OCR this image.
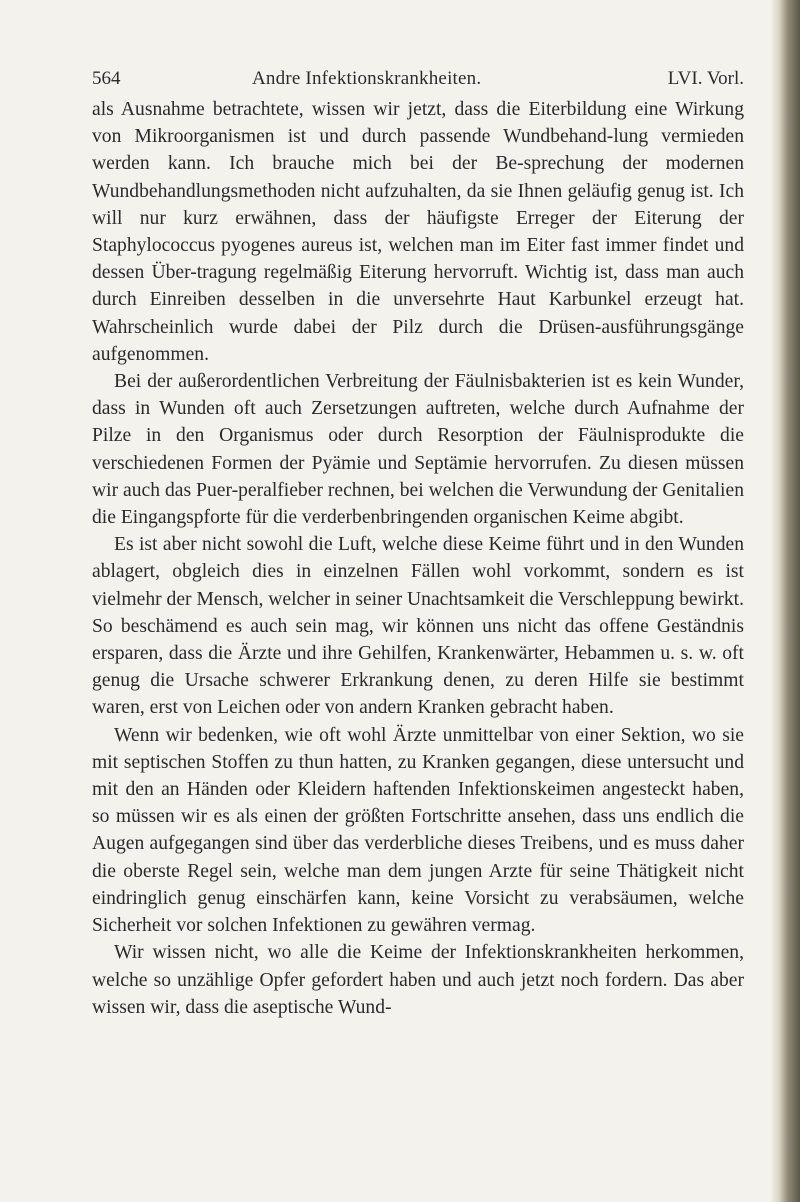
564	Andre Infektionskrankheiten.	LVI. Vorl.

als Ausnahme betrachtete, wissen wir jetzt, dass die Eiterbildung eine Wirkung von Mikroorganismen ist und durch passende Wundbehand-lung vermieden werden kann. Ich brauche mich bei der Be-sprechung der modernen Wundbehandlungsmethoden nicht aufzuhalten, da sie Ihnen geläufig genug ist. Ich will nur kurz erwähnen, dass der häufigste Erreger der Eiterung der Staphylococcus pyogenes aureus ist, welchen man im Eiter fast immer findet und dessen Über-tragung regelmäßig Eiterung hervorruft. Wichtig ist, dass man auch durch Einreiben desselben in die unversehrte Haut Karbunkel erzeugt hat. Wahrscheinlich wurde dabei der Pilz durch die Drüsen-ausführungsgänge aufgenommen.

Bei der außerordentlichen Verbreitung der Fäulnisbakterien ist es kein Wunder, dass in Wunden oft auch Zersetzungen auftreten, welche durch Aufnahme der Pilze in den Organismus oder durch Resorption der Fäulnisprodukte die verschiedenen Formen der Pyämie und Septämie hervorrufen. Zu diesen müssen wir auch das Puer-peralfieber rechnen, bei welchen die Verwundung der Genitalien die Eingangspforte für die verderbenbringenden organischen Keime abgibt.

Es ist aber nicht sowohl die Luft, welche diese Keime führt und in den Wunden ablagert, obgleich dies in einzelnen Fällen wohl vorkommt, sondern es ist vielmehr der Mensch, welcher in seiner Unachtsamkeit die Verschleppung bewirkt. So beschämend es auch sein mag, wir können uns nicht das offene Geständnis ersparen, dass die Ärzte und ihre Gehilfen, Krankenwärter, Hebammen u. s. w. oft genug die Ursache schwerer Erkrankung denen, zu deren Hilfe sie bestimmt waren, erst von Leichen oder von andern Kranken gebracht haben.

Wenn wir bedenken, wie oft wohl Ärzte unmittelbar von einer Sektion, wo sie mit septischen Stoffen zu thun hatten, zu Kranken gegangen, diese untersucht und mit den an Händen oder Kleidern haftenden Infektionskeimen angesteckt haben, so müssen wir es als einen der größten Fortschritte ansehen, dass uns endlich die Augen aufgegangen sind über das verderbliche dieses Treibens, und es muss daher die oberste Regel sein, welche man dem jungen Arzte für seine Thätigkeit nicht eindringlich genug einschärfen kann, keine Vorsicht zu verabsäumen, welche Sicherheit vor solchen Infektionen zu gewähren vermag.

Wir wissen nicht, wo alle die Keime der Infektionskrankheiten herkommen, welche so unzählige Opfer gefordert haben und auch jetzt noch fordern. Das aber wissen wir, dass die aseptische Wund-
